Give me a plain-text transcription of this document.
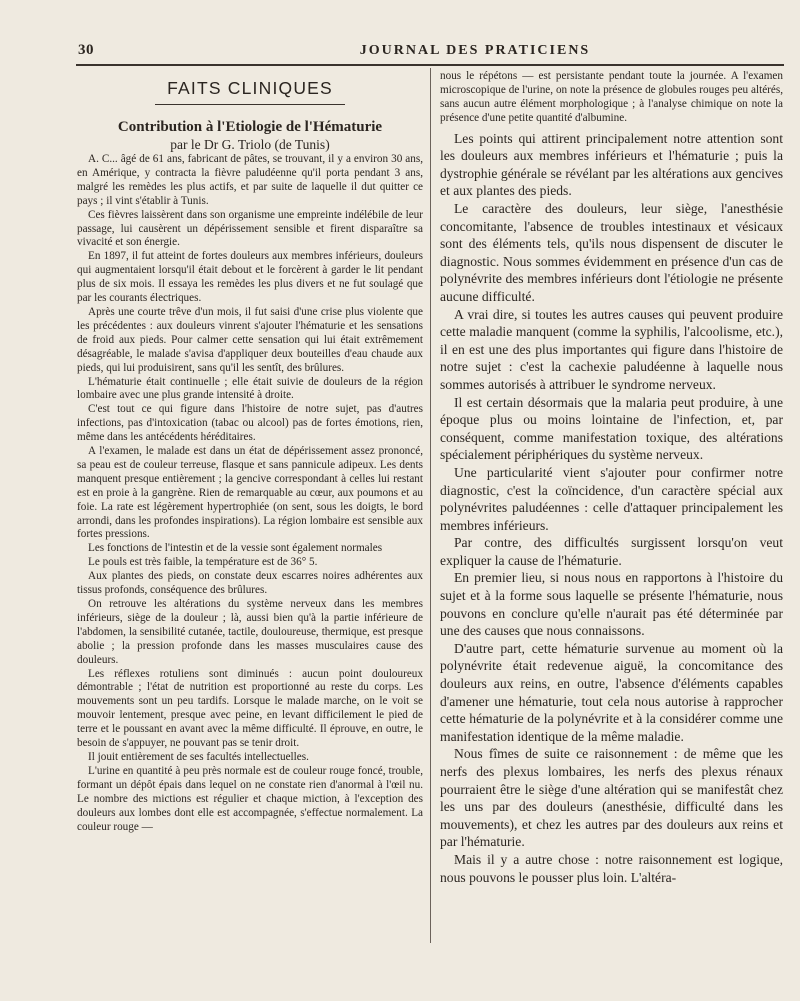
30	JOURNAL DES PRATICIENS
FAITS CLINIQUES
Contribution à l'Etiologie de l'Hématurie
par le Dr G. Triolo (de Tunis)

A. C... âgé de 61 ans, fabricant de pâtes, se trouvant, il y a environ 30 ans, en Amérique, y contracta la fièvre paludéenne qu'il porta pendant 3 ans, malgré les remèdes les plus actifs, et par suite de laquelle il dut quitter ce pays ; il vint s'établir à Tunis.

Ces fièvres laissèrent dans son organisme une empreinte indélébile de leur passage, lui causèrent un dépérissement sensible et firent disparaître sa vivacité et son énergie.

En 1897, il fut atteint de fortes douleurs aux membres inférieurs, douleurs qui augmentaient lorsqu'il était debout et le forcèrent à garder le lit pendant plus de six mois. Il essaya les remèdes les plus divers et ne fut soulagé que par les courants électriques.

Après une courte trêve d'un mois, il fut saisi d'une crise plus violente que les précédentes : aux douleurs vinrent s'ajouter l'hématurie et les sensations de froid aux pieds. Pour calmer cette sensation qui lui était extrêmement désagréable, le malade s'avisa d'appliquer deux bouteilles d'eau chaude aux pieds, qui lui produisirent, sans qu'il les sentît, des brûlures.

L'hématurie était continuelle ; elle était suivie de douleurs de la région lombaire avec une plus grande intensité à droite.

C'est tout ce qui figure dans l'histoire de notre sujet, pas d'autres infections, pas d'intoxication (tabac ou alcool) pas de fortes émotions, rien, même dans les antécédents héréditaires.

A l'examen, le malade est dans un état de dépérissement assez prononcé, sa peau est de couleur terreuse, flasque et sans pannicule adipeux. Les dents manquent presque entièrement ; la gencive correspondant à celles lui restant est en proie à la gangrène. Rien de remarquable au cœur, aux poumons et au foie. La rate est légèrement hypertrophiée (on sent, sous les doigts, le bord arrondi, dans les profondes inspirations). La région lombaire est sensible aux fortes pressions.

Les fonctions de l'intestin et de la vessie sont également normales

Le pouls est très faible, la température est de 36° 5.

Aux plantes des pieds, on constate deux escarres noires adhérentes aux tissus profonds, conséquence des brûlures.

On retrouve les altérations du système nerveux dans les membres inférieurs, siège de la douleur ; là, aussi bien qu'à la partie inférieure de l'abdomen, la sensibilité cutanée, tactile, douloureuse, thermique, est presque abolie ; la pression profonde dans les masses musculaires cause des douleurs.

Les réflexes rotuliens sont diminués : aucun point douloureux démontrable ; l'état de nutrition est proportionné au reste du corps. Les mouvements sont un peu tardifs. Lorsque le malade marche, on le voit se mouvoir lentement, presque avec peine, en levant difficilement le pied de terre et le poussant en avant avec la même difficulté. Il éprouve, en outre, le besoin de s'appuyer, ne pouvant pas se tenir droit.

Il jouit entièrement de ses facultés intellectuelles.

L'urine en quantité à peu près normale est de couleur rouge foncé, trouble, formant un dépôt épais dans lequel on ne constate rien d'anormal à l'œil nu. Le nombre des mictions est régulier et chaque miction, à l'exception des douleurs aux lombes dont elle est accompagnée, s'effectue normalement. La couleur rouge —

nous le répétons — est persistante pendant toute la journée. A l'examen microscopique de l'urine, on note la présence de globules rouges peu altérés, sans aucun autre élément morphologique ; à l'analyse chimique on note la présence d'une petite quantité d'albumine.

Les points qui attirent principalement notre attention sont les douleurs aux membres inférieurs et l'hématurie ; puis la dystrophie générale se révélant par les altérations aux gencives et aux plantes des pieds.

Le caractère des douleurs, leur siège, l'anesthésie concomitante, l'absence de troubles intestinaux et vésicaux sont des éléments tels, qu'ils nous dispensent de discuter le diagnostic. Nous sommes évidemment en présence d'un cas de polynévrite des membres inférieurs dont l'étiologie ne présente aucune difficulté.

A vrai dire, si toutes les autres causes qui peuvent produire cette maladie manquent (comme la syphilis, l'alcoolisme, etc.), il en est une des plus importantes qui figure dans l'histoire de notre sujet : c'est la cachexie paludéenne à laquelle nous sommes autorisés à attribuer le syndrome nerveux.

Il est certain désormais que la malaria peut produire, à une époque plus ou moins lointaine de l'infection, et, par conséquent, comme manifestation toxique, des altérations spécialement périphériques du système nerveux.

Une particularité vient s'ajouter pour confirmer notre diagnostic, c'est la coïncidence, d'un caractère spécial aux polynévrites paludéennes : celle d'attaquer principalement les membres inférieurs.

Par contre, des difficultés surgissent lorsqu'on veut expliquer la cause de l'hématurie.

En premier lieu, si nous nous en rapportons à l'histoire du sujet et à la forme sous laquelle se présente l'hématurie, nous pouvons en conclure qu'elle n'aurait pas été déterminée par une des causes que nous connaissons.

D'autre part, cette hématurie survenue au moment où la polynévrite était redevenue aiguë, la concomitance des douleurs aux reins, en outre, l'absence d'éléments capables d'amener une hématurie, tout cela nous autorise à rapprocher cette hématurie de la polynévrite et à la considérer comme une manifestation identique de la même maladie.

Nous fîmes de suite ce raisonnement : de même que les nerfs des plexus lombaires, les nerfs des plexus rénaux pourraient être le siège d'une altération qui se manifestât chez les uns par des douleurs (anesthésie, difficulté dans les mouvements), et chez les autres par des douleurs aux reins et par l'hématurie.

Mais il y a autre chose : notre raisonnement est logique, nous pouvons le pousser plus loin. L'altéra-
